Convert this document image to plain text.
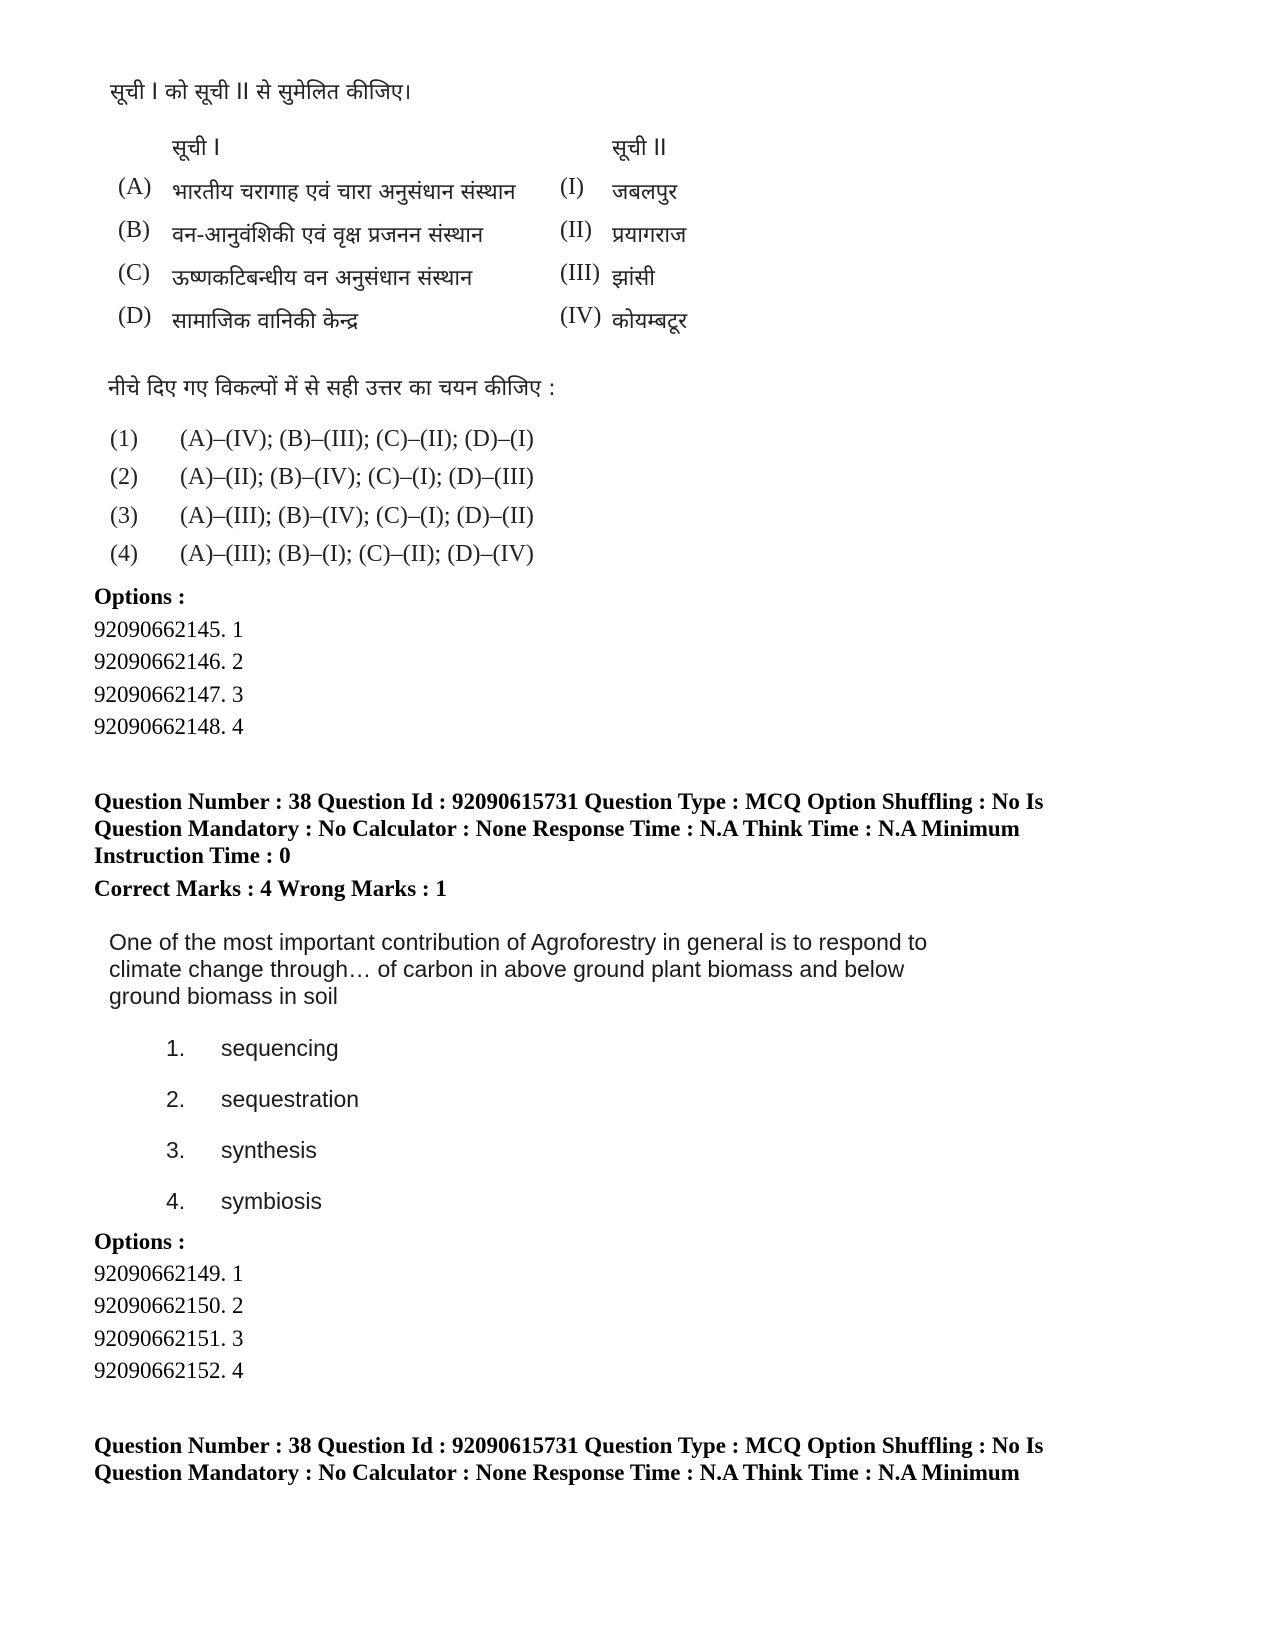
सूची I को सूची II से सुमेलित कीजिए।
सूची I	सूची II
(A) भारतीय चरागाह एवं चारा अनुसंधान संस्थान (I) जबलपुर
(B) वन-आनुवंशिकी एवं वृक्ष प्रजनन संस्थान	(II) प्रयागराज
(C) ऊष्णकटिबन्धीय वन अनुसंधान संस्थान	(III) झांसी
(D) सामाजिक वानिकी केन्द्र	(IV) कोयम्बटूर
नीचे दिए गए विकल्पों में से सही उत्तर का चयन कीजिए :
(1) (A)–(IV); (B)–(III); (C)–(II); (D)–(I)
(2) (A)–(II); (B)–(IV); (C)–(I); (D)–(III)
(3) (A)–(III); (B)–(IV); (C)–(I); (D)–(II)
(4) (A)–(III); (B)–(I); (C)–(II); (D)–(IV)
Options :
92090662145. 1
92090662146. 2
92090662147. 3
92090662148. 4
Question Number : 38 Question Id : 92090615731 Question Type : MCQ Option Shuffling : No Is
Question Mandatory : No Calculator : None Response Time : N.A Think Time : N.A Minimum
Instruction Time : 0
Correct Marks : 4 Wrong Marks : 1
One of the most important contribution of Agroforestry in general is to respond to
climate change through… of carbon in above ground plant biomass and below
ground biomass in soil
1. sequencing
2. sequestration
3. synthesis
4. symbiosis
Options :
92090662149. 1
92090662150. 2
92090662151. 3
92090662152. 4
Question Number : 38 Question Id : 92090615731 Question Type : MCQ Option Shuffling : No Is
Question Mandatory : No Calculator : None Response Time : N.A Think Time : N.A Minimum
